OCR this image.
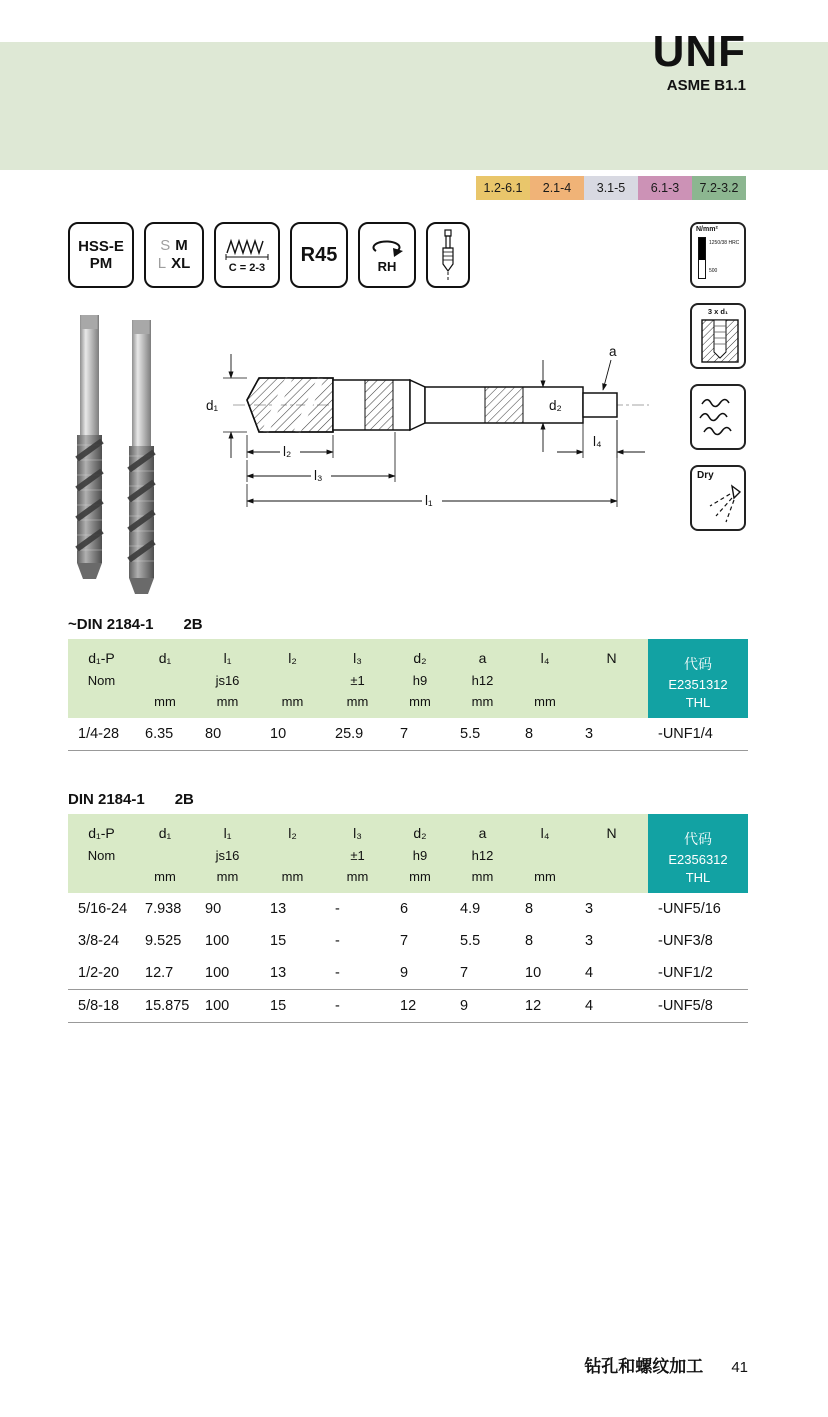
UNF
ASME B1.1
1.2-6.1 2.1-4 3.1-5 6.1-3 7.2-3.2
HSS-E
PM
S M
L XL	C = 2-3
R45
RH
N/mm²
1250/38 HRC
500
3 x d₁
Dry
d₁	d₂
a
l₂
l₃
l₁
l₄
~DIN 2184-1 2B
d₁-P	d₁	l₁	l₂	l₃	d₂	a	l₄	N	代码
E2351312
THL

Nom		js16		±1	h9	h12			
	mm	mm	mm	mm	mm	mm	mm		
1/4-28	6.35	80	10	25.9	7	5.5	8	3	-UNF1/4
DIN 2184-1 2B
d₁-P	d₁	l₁	l₂	l₃	d₂	a	l₄	N	代码
E2356312
THL

Nom		js16		±1	h9	h12			
	mm	mm	mm	mm	mm	mm	mm		
5/16-24	7.938	90	13	-	6	4.9	8	3	-UNF5/16
3/8-24	9.525	100	15	-	7	5.5	8	3	-UNF3/8
1/2-20	12.7	100	13	-	9	7	10	4	-UNF1/2
5/8-18	15.875	100	15	-	12	9	12	4	-UNF5/8
钻孔和螺纹加工 41
